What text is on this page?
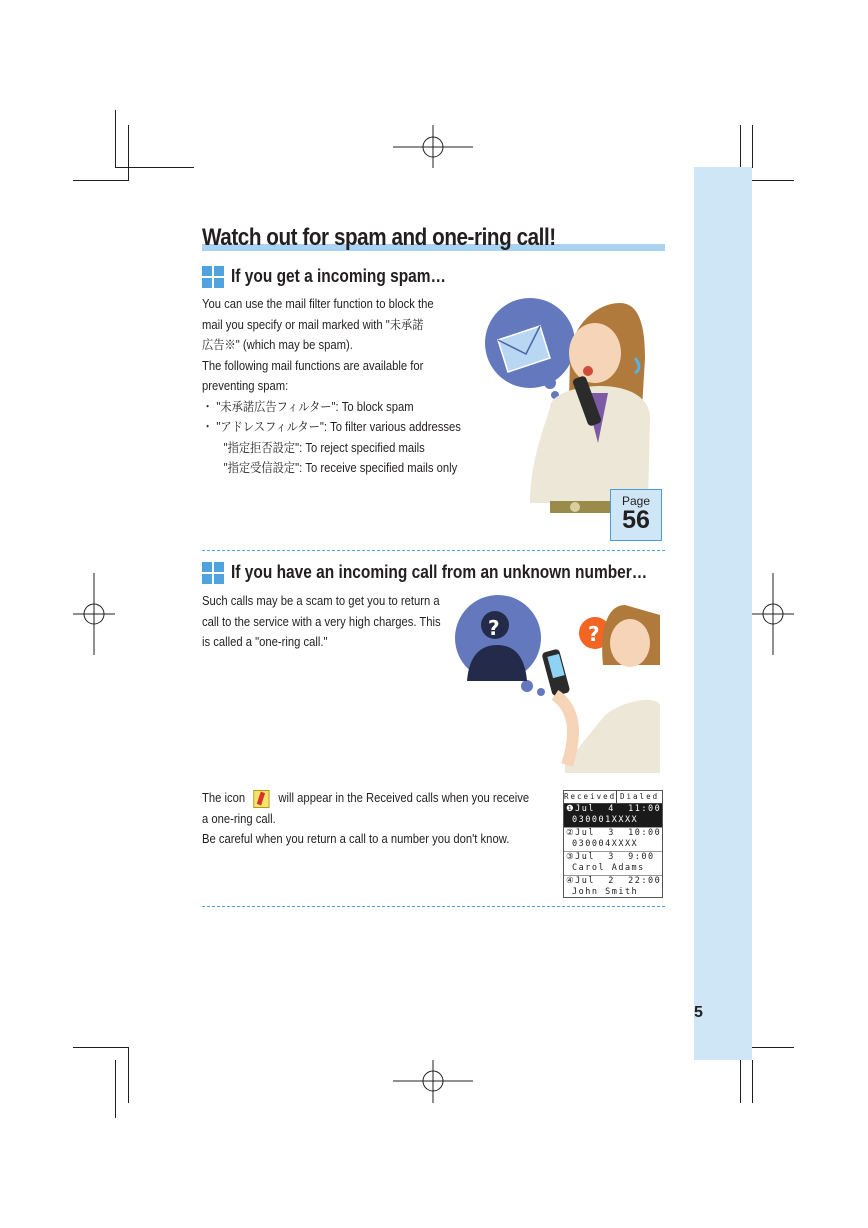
5
Watch out for spam and one-ring call!
If you get a incoming spam…
You can use the mail filter function to block the
mail you specify or mail marked with "未承諾
広告※" (which may be spam).
The following mail functions are available for
preventing spam:
・ "未承諾広告フィルター": To block spam
・ "アドレスフィルター": To filter various addresses
"指定拒否設定": To reject specified mails
"指定受信設定": To receive specified mails only
Page
56
If you have an incoming call from an unknown number…
Such calls may be a scam to get you to return a
call to the service with a very high charges. This
is called a "one-ring call."
?	?
The icon	will appear in the Received calls when you receive
a one-ring call.
Be careful when you return a call to a number you don't know.
Received Dialed
❶Jul  4 11:00
030001XXXX
②Jul  3 10:00
030004XXXX
③Jul  3 9:00
Carol Adams
④Jul  2 22:00
John Smith
